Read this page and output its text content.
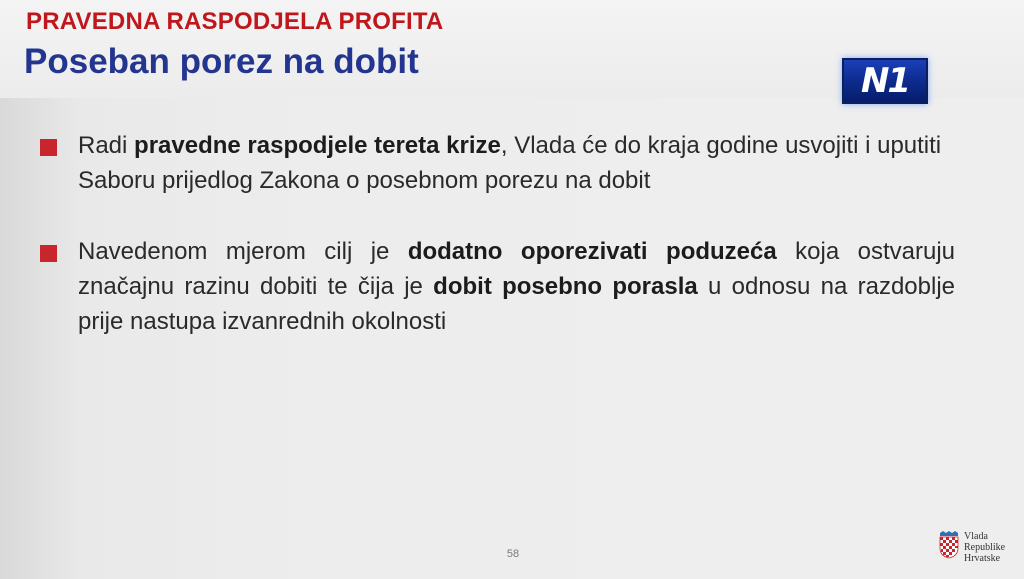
PRAVEDNA RASPODJELA PROFITA
Poseban porez na dobit	N1

Radi pravedne raspodjele tereta krize, Vlada će do kraja godine usvojiti i uputiti Saboru prijedlog Zakona o posebnom porezu na dobit

Navedenom mjerom cilj je dodatno oporezivati poduzeća koja ostvaruju značajnu razinu dobiti te čija je dobit posebno porasla u odnosu na razdoblje prije nastupa izvanrednih okolnosti

58
Vlada
Republike
Hrvatske
